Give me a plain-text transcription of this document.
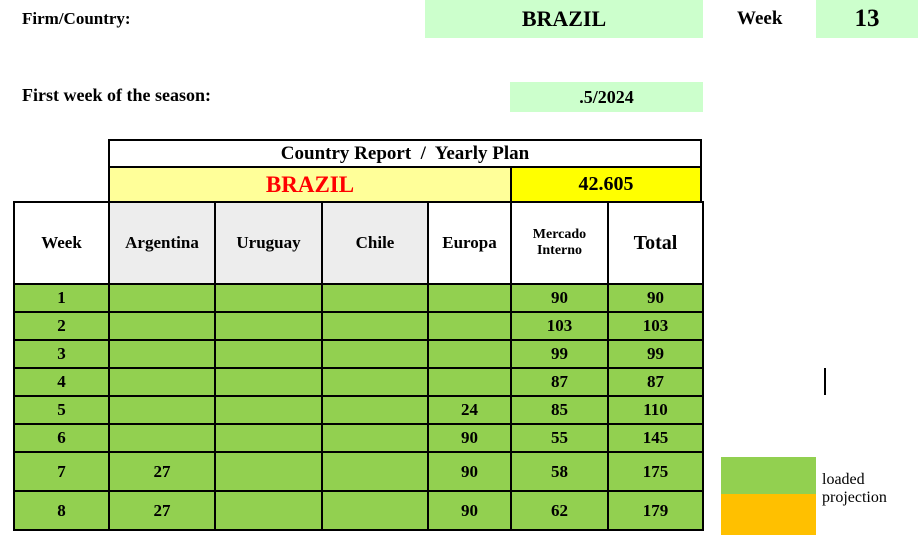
Firm/Country:	BRAZIL	Week	13
First week of the season:	.5/2024
Country Report  /  Yearly Plan
BRAZIL	42.605
Week	Argentina	Uruguay	Chile	Europa	Mercado Interno	Total
1					90	90
2					103	103
3					99	99
4					87	87
5				24	85	110
6				90	55	145
7	27			90	58	175
8	27			90	62	179
loaded
projection
